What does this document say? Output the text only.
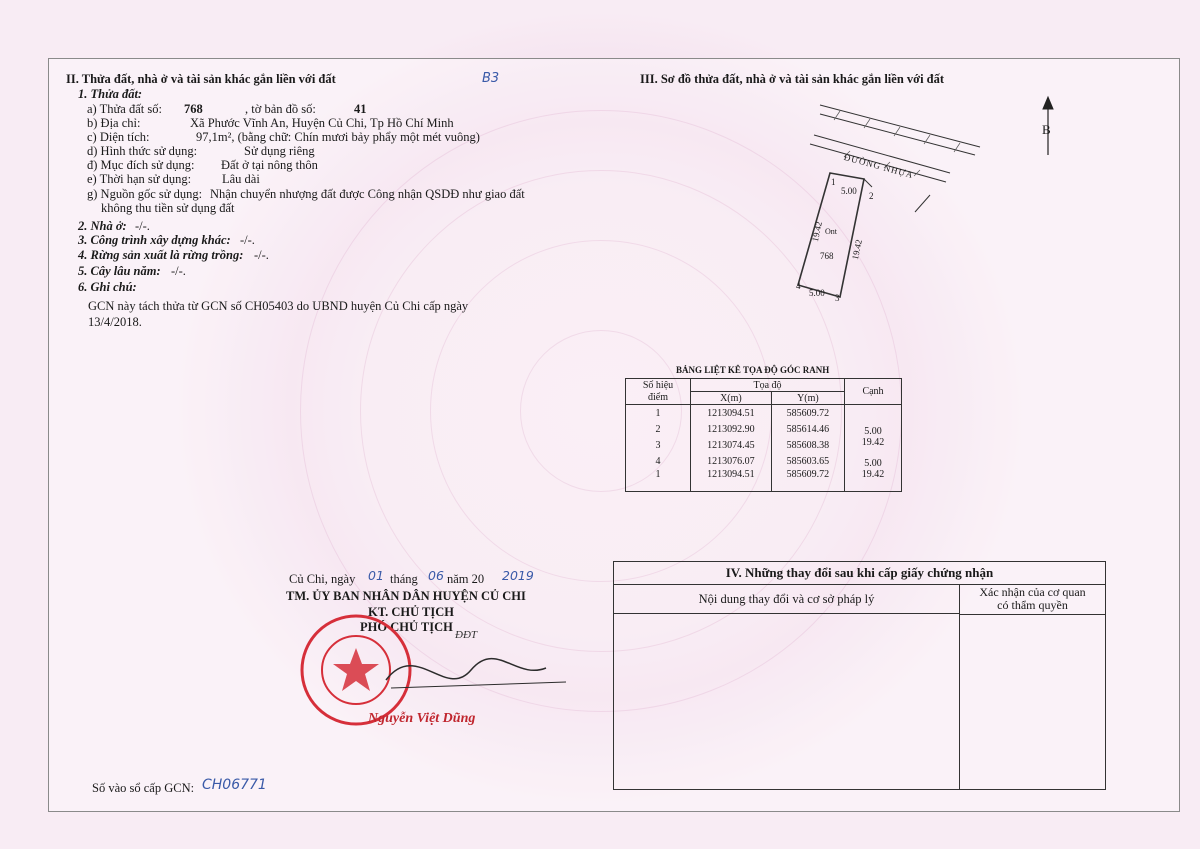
II. Thửa đất, nhà ở và tài sản khác gắn liền với đất	B3
1. Thửa đất:
a) Thửa đất số: 768	, tờ bản đồ số:	41
b) Địa chỉ:	Xã Phước Vĩnh An, Huyện Củ Chi, Tp Hồ Chí Minh
c) Diện tích:	97,1m², (bằng chữ: Chín mươi bảy phẩy một mét vuông)
d) Hình thức sử dụng:	Sử dụng riêng
đ) Mục đích sử dụng: Đất ở tại nông thôn
e) Thời hạn sử dụng: Lâu dài
g) Nguồn gốc sử dụng: Nhận chuyển nhượng đất được Công nhận QSDĐ như giao đất
không thu tiền sử dụng đất
2. Nhà ở: -/-.
3. Công trình xây dựng khác: -/-.
4. Rừng sản xuất là rừng trồng: -/-.
5. Cây lâu năm: -/-.
6. Ghi chú:
GCN này tách thửa từ GCN số CH05403 do UBND huyện Củ Chi cấp ngày
13/4/2018.
III. Sơ đồ thửa đất, nhà ở và tài sản khác gắn liền với đất
B
ĐƯỜNG NHỰA
1
5.00 2
19.42
19.42
Ont
768
4
5.00 3
BẢNG LIỆT KÊ TỌA ĐỘ GÓC RANH
Số hiệu
điểm	Tọa độ		Cạnh
	X(m)	Y(m)	
1	1213094.51	585609.72	
2	1213092.90	585614.46	5.00
3	1213074.45	585608.38	19.42
4	1213076.07	585603.65	5.00
1	1213094.51	585609.72	19.42
Củ Chi, ngày 01 tháng 06 năm 20 2019
TM. ỦY BAN NHÂN DÂN HUYỆN CỦ CHI
KT. CHỦ TỊCH
PHÓ CHỦ TỊCH
ĐĐT
Nguyễn Việt Dũng
Số vào sổ cấp GCN: CH06771
IV. Những thay đổi sau khi cấp giấy chứng nhận
Nội dung thay đổi và cơ sở pháp lý	Xác nhận của cơ quan
có thẩm quyền
